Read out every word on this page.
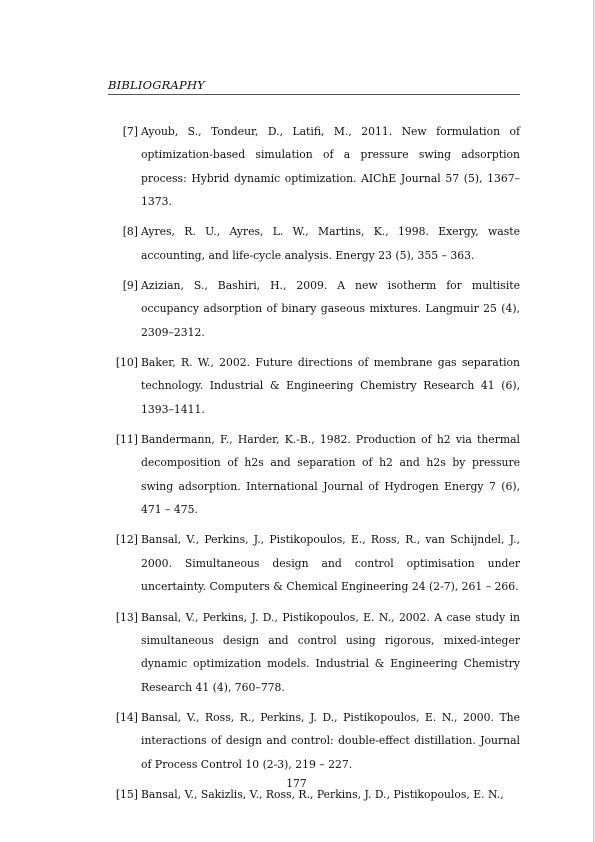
BIBLIOGRAPHY
[7] Ayoub, S., Tondeur, D., Latifi, M., 2011. New formulation of optimization-based simulation of a pressure swing adsorption process: Hybrid dynamic optimization. AIChE Journal 57 (5), 1367–1373.
[8] Ayres, R. U., Ayres, L. W., Martins, K., 1998. Exergy, waste accounting, and life-cycle analysis. Energy 23 (5), 355 – 363.
[9] Azizian, S., Bashiri, H., 2009. A new isotherm for multisite occupancy adsorption of binary gaseous mixtures. Langmuir 25 (4), 2309–2312.
[10] Baker, R. W., 2002. Future directions of membrane gas separation technology. Industrial & Engineering Chemistry Research 41 (6), 1393–1411.
[11] Bandermann, F., Harder, K.-B., 1982. Production of h2 via thermal decomposition of h2s and separation of h2 and h2s by pressure swing adsorption. International Journal of Hydrogen Energy 7 (6), 471 – 475.
[12] Bansal, V., Perkins, J., Pistikopoulos, E., Ross, R., van Schijndel, J., 2000. Simultaneous design and control optimisation under uncertainty. Computers & Chemical Engineering 24 (2-7), 261 – 266.
[13] Bansal, V., Perkins, J. D., Pistikopoulos, E. N., 2002. A case study in simultaneous design and control using rigorous, mixed-integer dynamic optimization models. Industrial & Engineering Chemistry Research 41 (4), 760–778.
[14] Bansal, V., Ross, R., Perkins, J. D., Pistikopoulos, E. N., 2000. The interactions of design and control: double-effect distillation. Journal of Process Control 10 (2-3), 219 – 227.
[15] Bansal, V., Sakizlis, V., Ross, R., Perkins, J. D., Pistikopoulos, E. N.,
177
